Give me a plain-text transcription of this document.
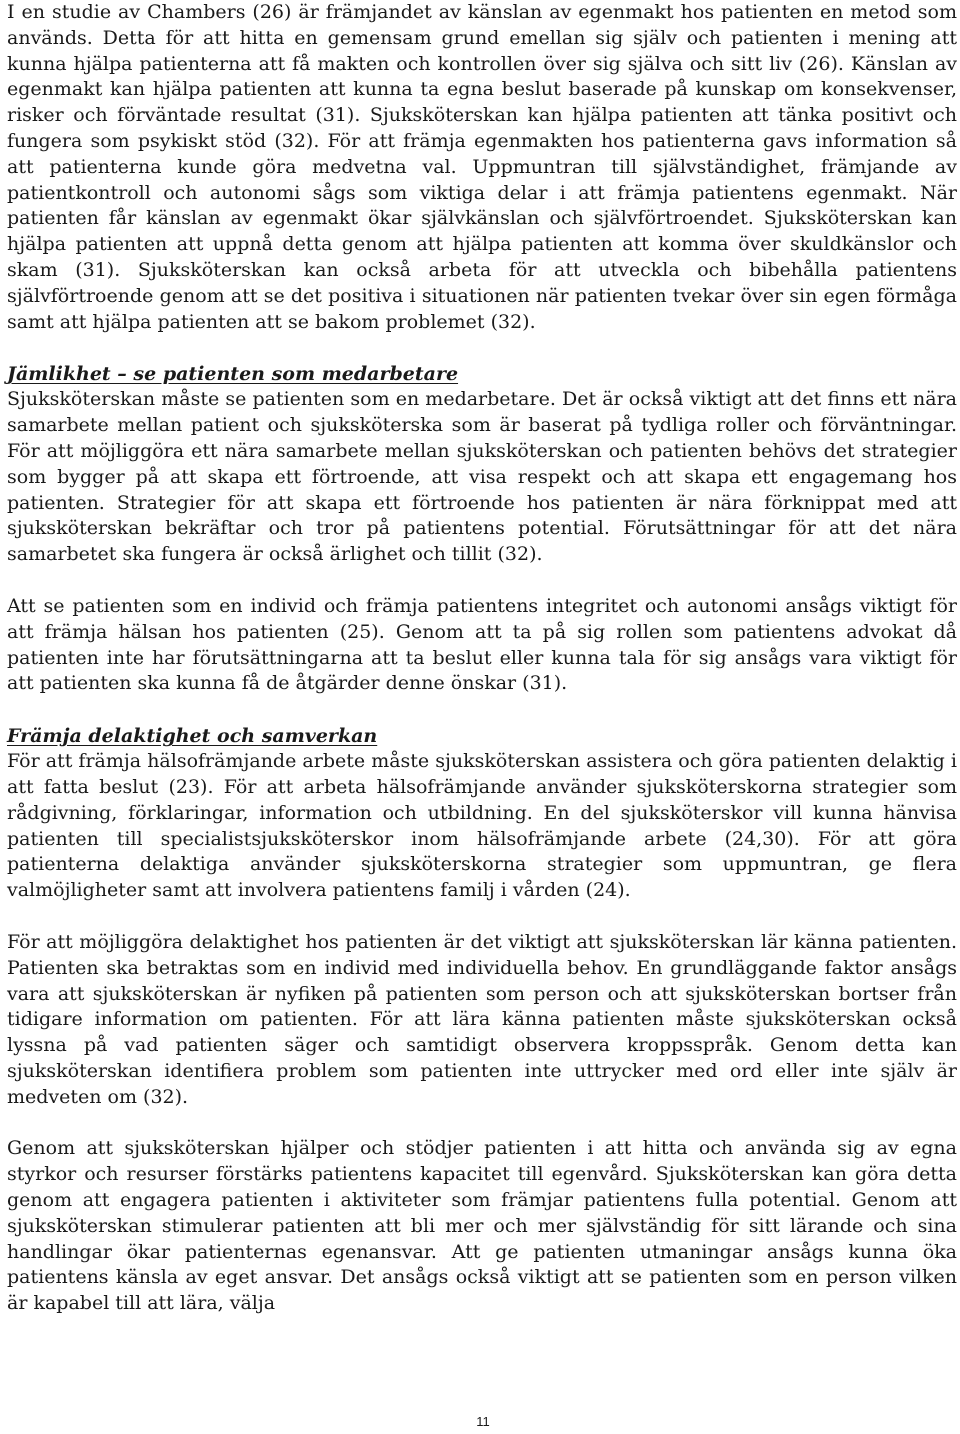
I en studie av Chambers (26) är främjandet av känslan av egenmakt hos patienten en metod som används. Detta för att hitta en gemensam grund emellan sig själv och patienten i mening att kunna hjälpa patienterna att få makten och kontrollen över sig själva och sitt liv (26). Känslan av egenmakt kan hjälpa patienten att kunna ta egna beslut baserade på kunskap om konsekvenser, risker och förväntade resultat (31). Sjuksköterskan kan hjälpa patienten att tänka positivt och fungera som psykiskt stöd (32). För att främja egenmakten hos patienterna gavs information så att patienterna kunde göra medvetna val. Uppmuntran till självständighet, främjande av patientkontroll och autonomi sågs som viktiga delar i att främja patientens egenmakt. När patienten får känslan av egenmakt ökar självkänslan och självförtroendet. Sjuksköterskan kan hjälpa patienten att uppnå detta genom att hjälpa patienten att komma över skuldkänslor och skam (31). Sjuksköterskan kan också arbeta för att utveckla och bibehålla patientens självförtroende genom att se det positiva i situationen när patienten tvekar över sin egen förmåga samt att hjälpa patienten att se bakom problemet (32).

Jämlikhet – se patienten som medarbetare

Sjuksköterskan måste se patienten som en medarbetare. Det är också viktigt att det finns ett nära samarbete mellan patient och sjuksköterska som är baserat på tydliga roller och förväntningar. För att möjliggöra ett nära samarbete mellan sjuksköterskan och patienten behövs det strategier som bygger på att skapa ett förtroende, att visa respekt och att skapa ett engagemang hos patienten. Strategier för att skapa ett förtroende hos patienten är nära förknippat med att sjuksköterskan bekräftar och tror på patientens potential. Förutsättningar för att det nära samarbetet ska fungera är också ärlighet och tillit (32).

Att se patienten som en individ och främja patientens integritet och autonomi ansågs viktigt för att främja hälsan hos patienten (25). Genom att ta på sig rollen som patientens advokat då patienten inte har förutsättningarna att ta beslut eller kunna tala för sig ansågs vara viktigt för att patienten ska kunna få de åtgärder denne önskar (31).

Främja delaktighet och samverkan

För att främja hälsofrämjande arbete måste sjuksköterskan assistera och göra patienten delaktig i att fatta beslut (23). För att arbeta hälsofrämjande använder sjuksköterskorna strategier som rådgivning, förklaringar, information och utbildning. En del sjuksköterskor vill kunna hänvisa patienten till specialistsjuksköterskor inom hälsofrämjande arbete (24,30). För att göra patienterna delaktiga använder sjuksköterskorna strategier som uppmuntran, ge flera valmöjligheter samt att involvera patientens familj i vården (24).

För att möjliggöra delaktighet hos patienten är det viktigt att sjuksköterskan lär känna patienten. Patienten ska betraktas som en individ med individuella behov. En grundläggande faktor ansågs vara att sjuksköterskan är nyfiken på patienten som person och att sjuksköterskan bortser från tidigare information om patienten. För att lära känna patienten måste sjuksköterskan också lyssna på vad patienten säger och samtidigt observera kroppsspråk. Genom detta kan sjuksköterskan identifiera problem som patienten inte uttrycker med ord eller inte själv är medveten om (32).

Genom att sjuksköterskan hjälper och stödjer patienten i att hitta och använda sig av egna styrkor och resurser förstärks patientens kapacitet till egenvård. Sjuksköterskan kan göra detta genom att engagera patienten i aktiviteter som främjar patientens fulla potential. Genom att sjuksköterskan stimulerar patienten att bli mer och mer självständig för sitt lärande och sina handlingar ökar patienternas egenansvar. Att ge patienten utmaningar ansågs kunna öka patientens känsla av eget ansvar. Det ansågs också viktigt att se patienten som en person vilken är kapabel till att lära, välja

11
